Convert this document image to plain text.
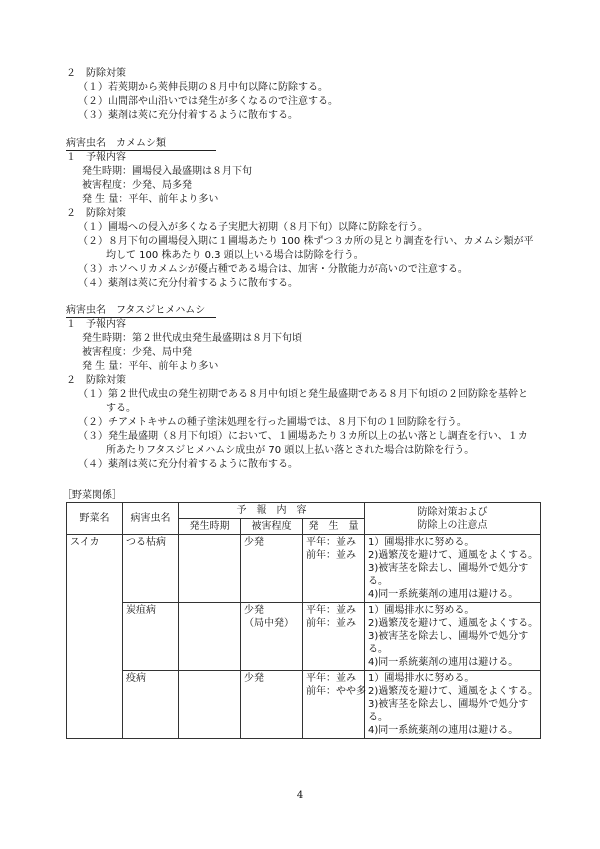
２　防除対策
（１）若莢期から莢伸長期の８月中旬以降に防除する。
（２）山間部や山沿いでは発生が多くなるので注意する。
（３）薬剤は莢に充分付着するように散布する。
病害虫名　カメムシ類
１　予報内容
発生時期：圃場侵入最盛期は８月下旬
被害程度：少発、局多発
発 生 量：平年、前年より多い
２　防除対策
（１）圃場への侵入が多くなる子実肥大初期（８月下旬）以降に防除を行う。
（２）８月下旬の圃場侵入期に１圃場あたり 100 株ずつ３カ所の見とり調査を行い、カメムシ類が平
均して 100 株あたり 0.3 頭以上いる場合は防除を行う。
（３）ホソヘリカメムシが優占種である場合は、加害・分散能力が高いので注意する。
（４）薬剤は莢に充分付着するように散布する。
病害虫名　フタスジヒメハムシ
１　予報内容
発生時期：第２世代成虫発生最盛期は８月下旬頃
被害程度：少発、局中発
発 生 量：平年、前年より多い
２　防除対策
（１）第２世代成虫の発生初期である８月中旬頃と発生最盛期である８月下旬頃の２回防除を基幹と
する。
（２）チアメトキサムの種子塗沫処理を行った圃場では、８月下旬の１回防除を行う。
（３）発生最盛期（８月下旬頃）において、１圃場あたり３カ所以上の払い落とし調査を行い、１カ
所あたりフタスジヒメハムシ成虫が 70 頭以上払い落とされた場合は防除を行う。
（４）薬剤は莢に充分付着するように散布する。
［野菜関係］
野菜名	病害虫名	予　報　内　容			防除対策および
防除上の注意点

		発生時期	被害程度	発　生　量	
スイカ	つる枯病		少発	平年：並み
前年：並み	1）圃場排水に努める。
2)過繁茂を避けて、通風をよくする。
3)被害茎を除去し、圃場外で処分す
る。
4)同一系統薬剤の連用は避ける。

	炭疽病		少発
（局中発）	平年：並み
前年：並み	1）圃場排水に努める。
2)過繁茂を避けて、通風をよくする。
3)被害茎を除去し、圃場外で処分す
る。
4)同一系統薬剤の連用は避ける。

	疫病		少発	平年：並み
前年：やや多	1）圃場排水に努める。
2)過繁茂を避けて、通風をよくする。
3)被害茎を除去し、圃場外で処分す
る。
4)同一系統薬剤の連用は避ける。
4
